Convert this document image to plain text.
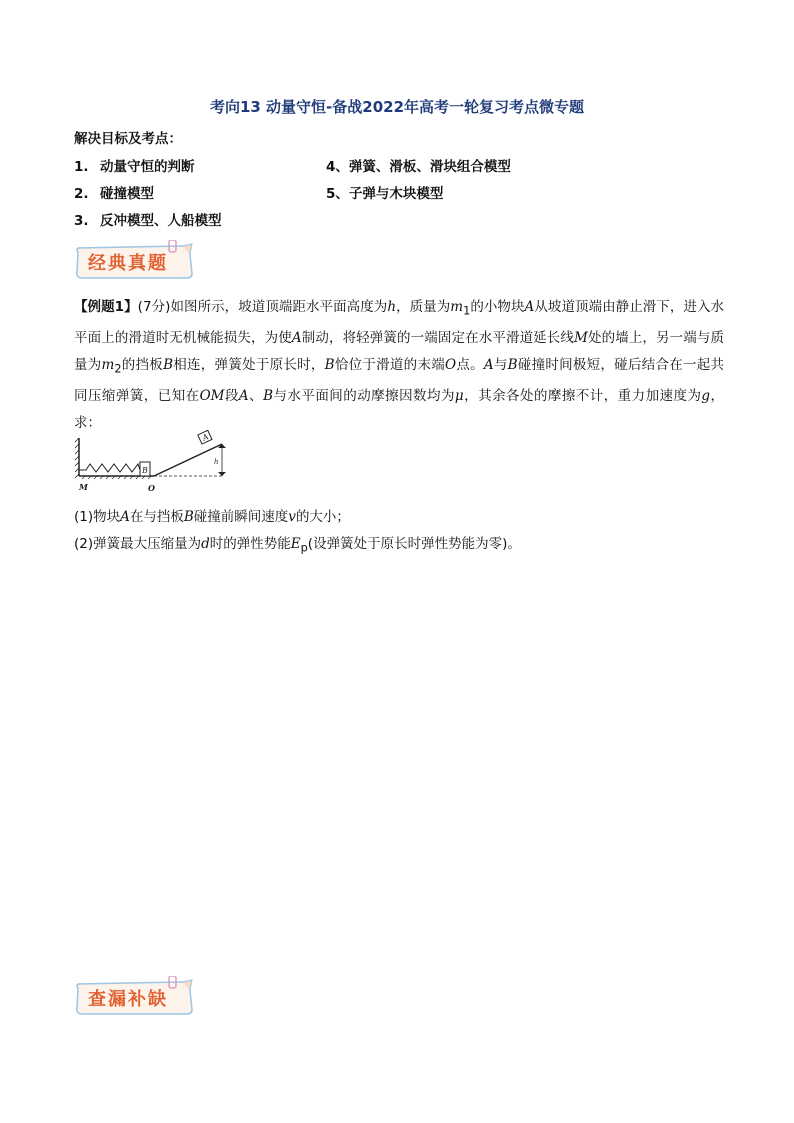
考向13 动量守恒-备战2022年高考一轮复习考点微专题
解决目标及考点：
1. 动量守恒的判断
2. 碰撞模型
3. 反冲模型、人船模型
4、弹簧、滑板、滑块组合模型
5、子弹与木块模型
经典真题
【例题1】(7分)如图所示，坡道顶端距水平面高度为h，质量为$m_1$的小物块A从坡道顶端由静止滑下，进入水平面上的滑道时无机械能损失，为使A制动，将轻弹簧的一端固定在水平滑道延长线M处的墙上，另一端与质量为$m_2$的挡板B相连，弹簧处于原长时，B恰位于滑道的末端O点。A与B碰撞时间极短，碰后结合在一起共同压缩弹簧，已知在OM段A、B与水平面间的动摩擦因数均为μ，其余各处的摩擦不计，重力加速度为g，求：
B
h
A
M	O
(1)物块A在与挡板B碰撞前瞬间速度v的大小；
(2)弹簧最大压缩量为d时的弹性势能$E_p$(设弹簧处于原长时弹性势能为零)。
查漏补缺
